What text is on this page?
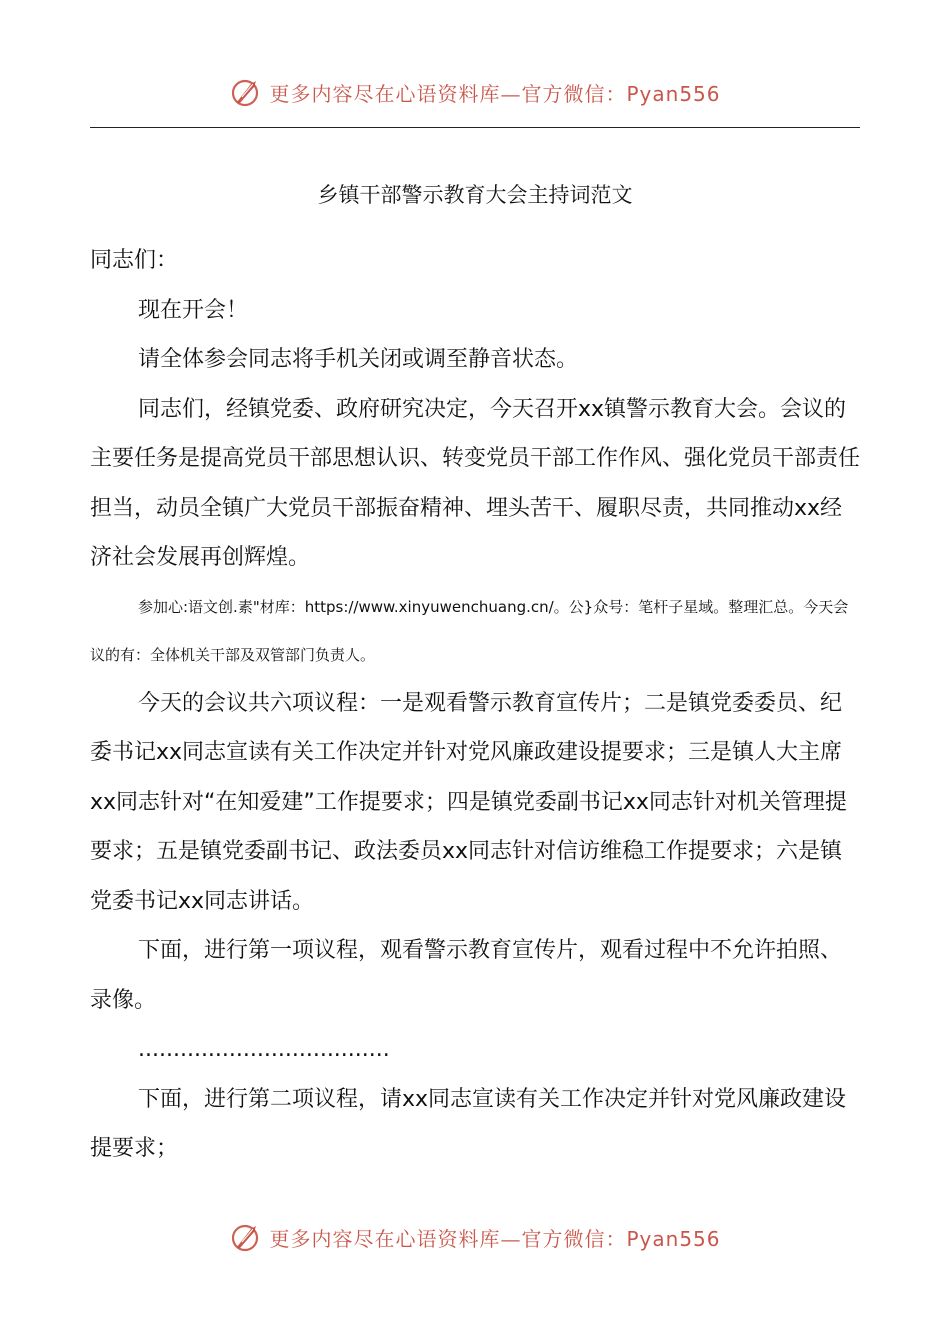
更多内容尽在心语资料库—官方微信：Pyan556
乡镇干部警示教育大会主持词范文

同志们：

现在开会！

请全体参会同志将手机关闭或调至静音状态。

同志们，经镇党委、政府研究决定，今天召开xx镇警示教育大会。会议的主要任务是提高党员干部思想认识、转变党员干部工作作风、强化党员干部责任担当，动员全镇广大党员干部振奋精神、埋头苦干、履职尽责，共同推动xx经济社会发展再创辉煌。

参加心:语文创.素"材库：https://www.xinyuwenchuang.cn/。公}众号：笔杆子星域。整理汇总。今天会议的有：全体机关干部及双管部门负责人。

今天的会议共六项议程：一是观看警示教育宣传片；二是镇党委委员、纪委书记xx同志宣读有关工作决定并针对党风廉政建设提要求；三是镇人大主席xx同志针对“在知爱建”工作提要求；四是镇党委副书记xx同志针对机关管理提要求；五是镇党委副书记、政法委员xx同志针对信访维稳工作提要求；六是镇党委书记xx同志讲话。

下面，进行第一项议程，观看警示教育宣传片，观看过程中不允许拍照、录像。

....................................

下面，进行第二项议程，请xx同志宣读有关工作决定并针对党风廉政建设提要求；

更多内容尽在心语资料库—官方微信：Pyan556
